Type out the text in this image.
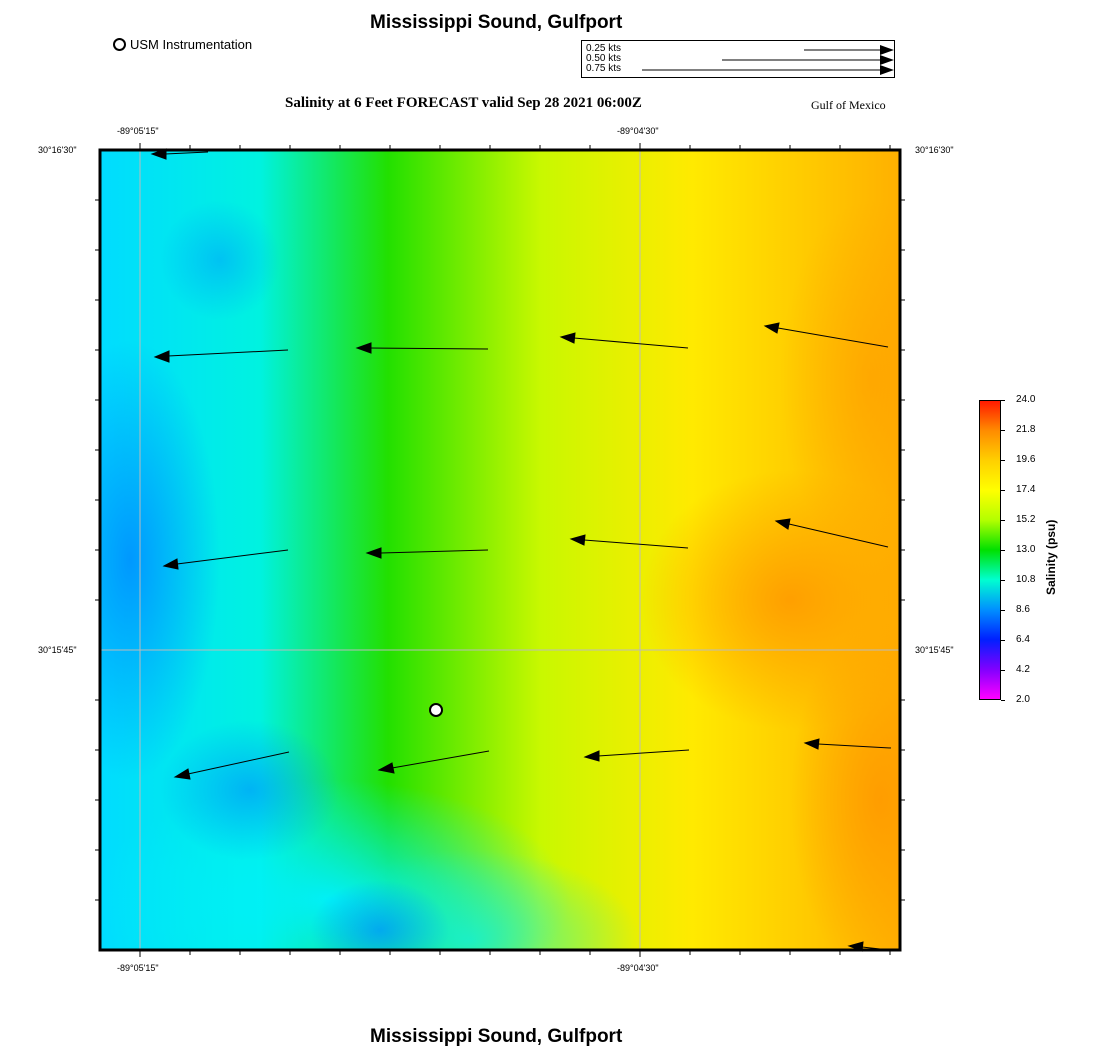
Mississippi Sound, Gulfport
Salinity at 6 Feet FORECAST valid Sep 28 2021 06:00Z	Gulf of Mexico
USM Instrumentation	0.25 kts
0.50 kts
0.75 kts
-89°05'15"	-89°04'30"
-89°05'15"	-89°04'30"
30°16'30"
30°15'45"
30°16'30"
30°15'45"
24.0
21.8
19.6
17.4
15.2
13.0
10.8
8.6
6.4
4.2
2.0
Salinity (psu)
Mississippi Sound, Gulfport
